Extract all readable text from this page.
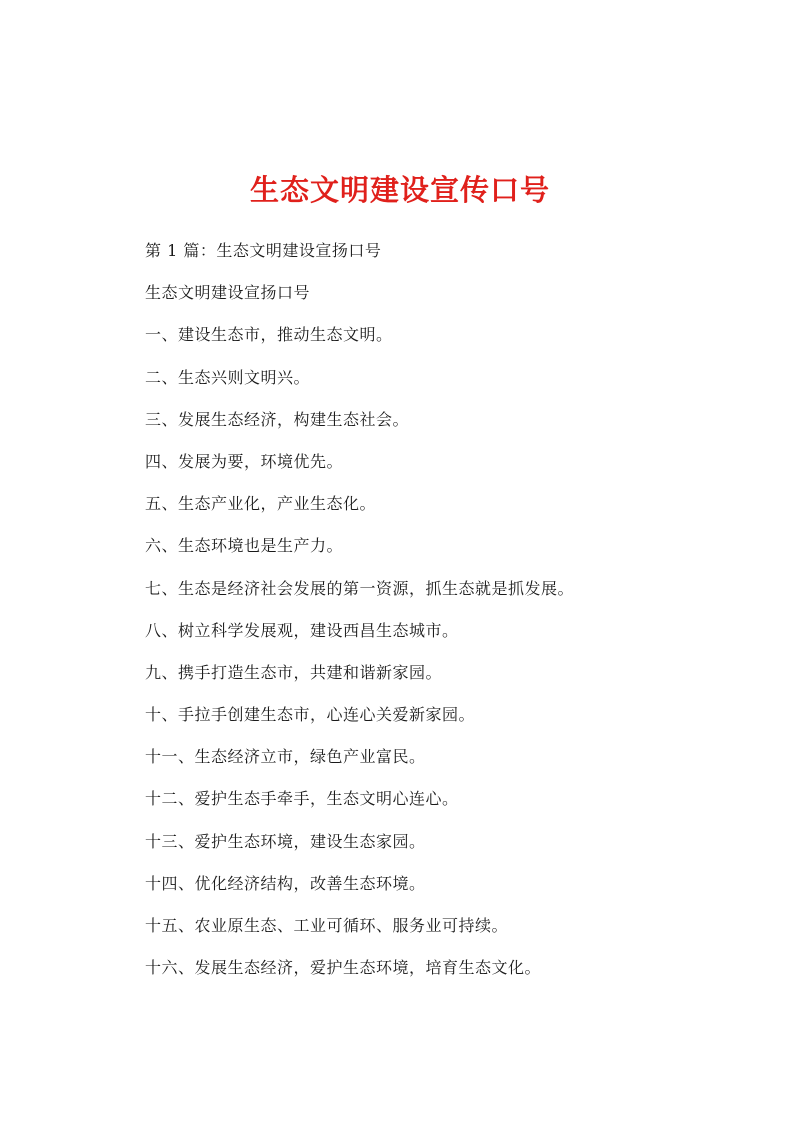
生态文明建设宣传口号

第 1 篇：生态文明建设宣扬口号

生态文明建设宣扬口号

一、建设生态市，推动生态文明。

二、生态兴则文明兴。

三、发展生态经济，构建生态社会。

四、发展为要，环境优先。

五、生态产业化，产业生态化。

六、生态环境也是生产力。

七、生态是经济社会发展的第一资源，抓生态就是抓发展。

八、树立科学发展观，建设西昌生态城市。

九、携手打造生态市，共建和谐新家园。

十、手拉手创建生态市，心连心关爱新家园。

十一、生态经济立市，绿色产业富民。

十二、爱护生态手牵手，生态文明心连心。

十三、爱护生态环境，建设生态家园。

十四、优化经济结构，改善生态环境。

十五、农业原生态、工业可循环、服务业可持续。

十六、发展生态经济，爱护生态环境，培育生态文化。
